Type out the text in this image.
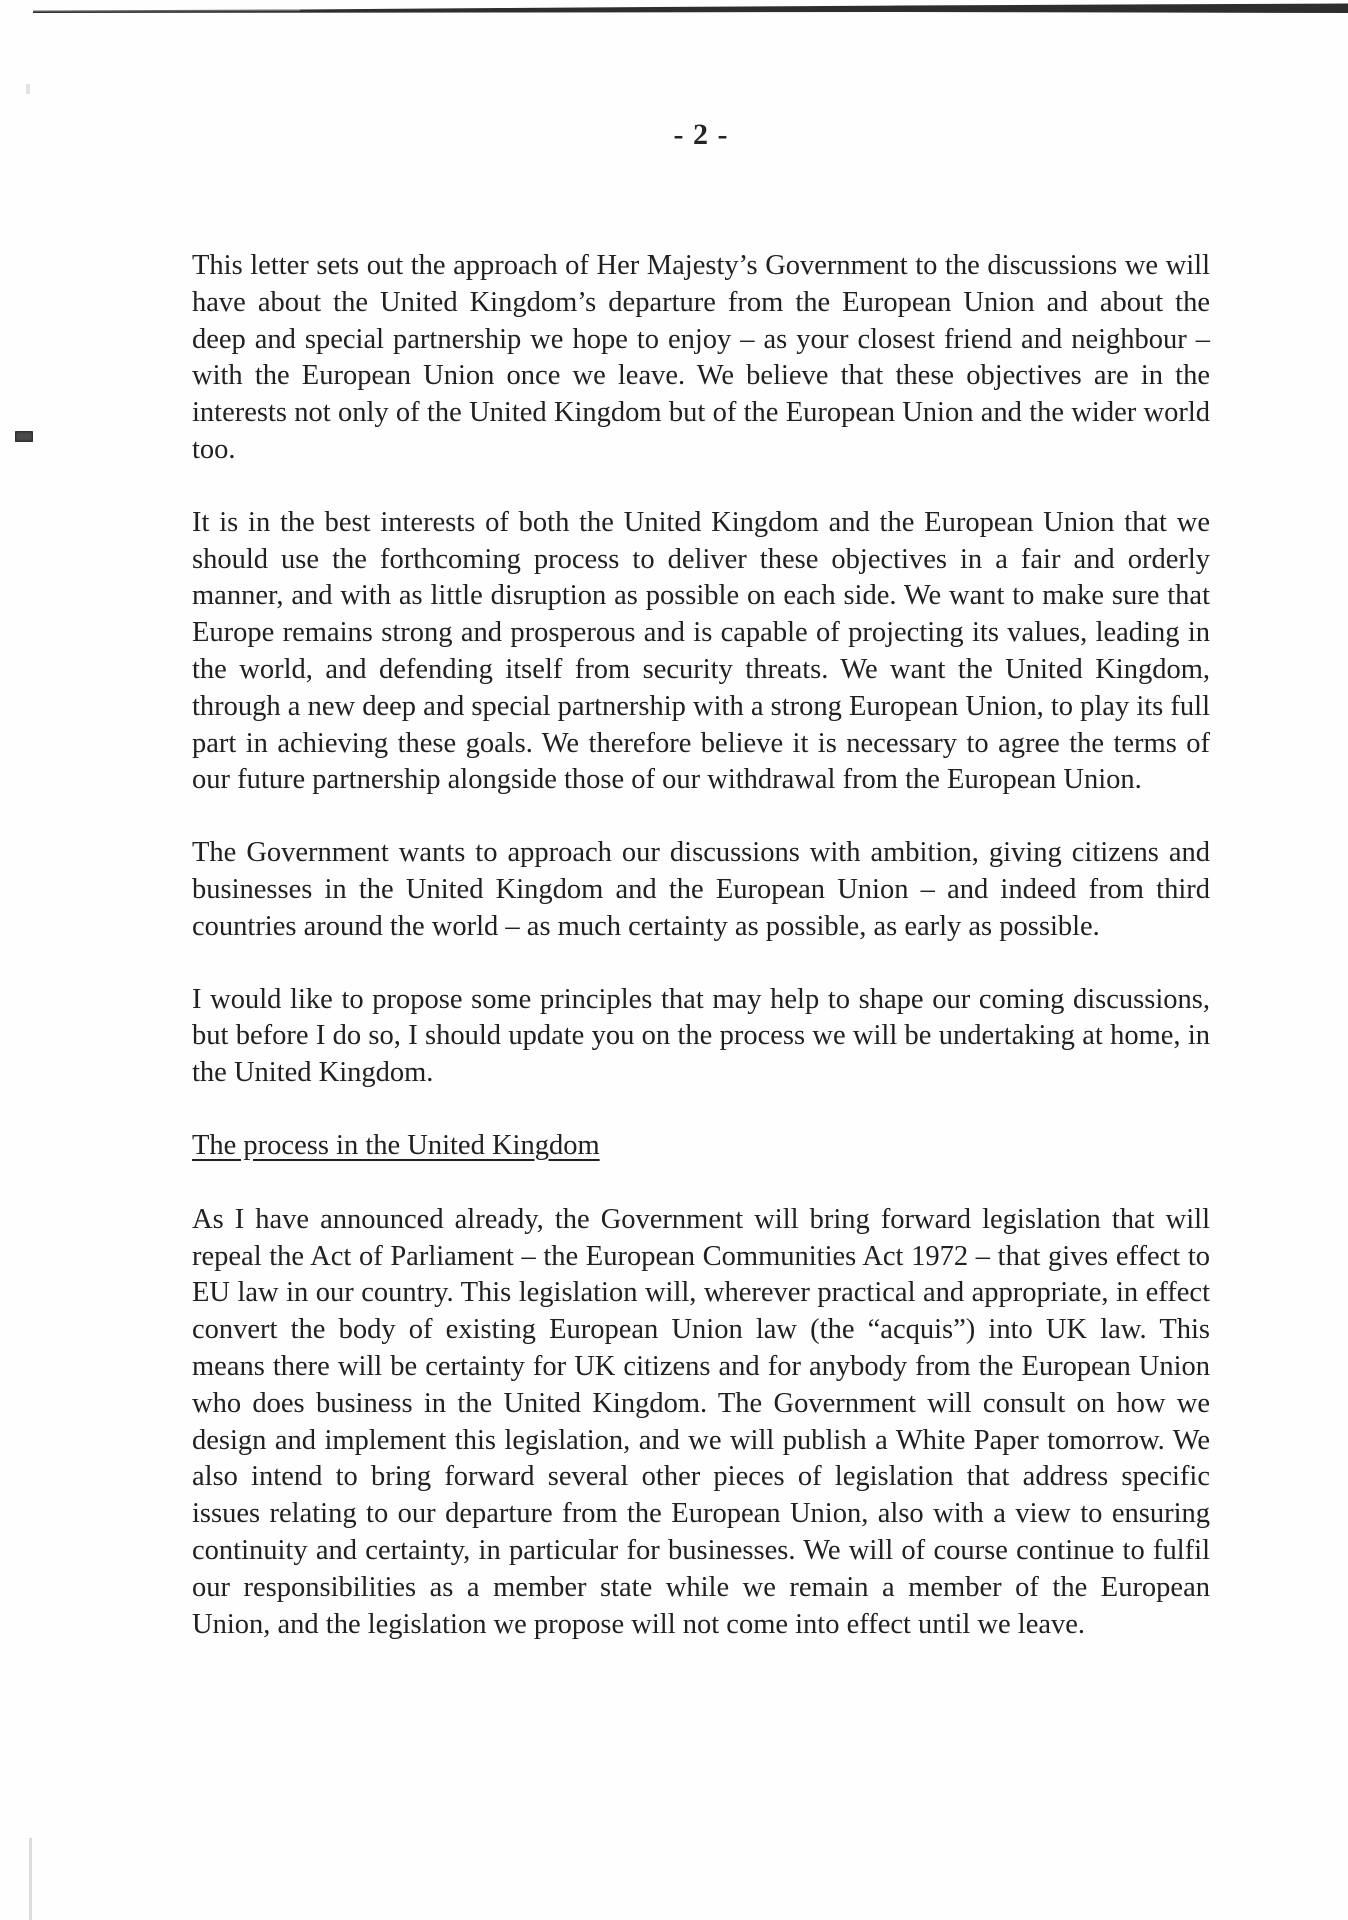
- 2 -

This letter sets out the approach of Her Majesty’s Government to the discussions we will have about the United Kingdom’s departure from the European Union and about the deep and special partnership we hope to enjoy – as your closest friend and neighbour – with the European Union once we leave. We believe that these objectives are in the interests not only of the United Kingdom but of the European Union and the wider world too.

It is in the best interests of both the United Kingdom and the European Union that we should use the forthcoming process to deliver these objectives in a fair and orderly manner, and with as little disruption as possible on each side. We want to make sure that Europe remains strong and prosperous and is capable of projecting its values, leading in the world, and defending itself from security threats. We want the United Kingdom, through a new deep and special partnership with a strong European Union, to play its full part in achieving these goals. We therefore believe it is necessary to agree the terms of our future partnership alongside those of our withdrawal from the European Union.

The Government wants to approach our discussions with ambition, giving citizens and businesses in the United Kingdom and the European Union – and indeed from third countries around the world – as much certainty as possible, as early as possible.

I would like to propose some principles that may help to shape our coming discussions, but before I do so, I should update you on the process we will be undertaking at home, in the United Kingdom.

The process in the United Kingdom

As I have announced already, the Government will bring forward legislation that will repeal the Act of Parliament – the European Communities Act 1972 – that gives effect to EU law in our country. This legislation will, wherever practical and appropriate, in effect convert the body of existing European Union law (the “acquis”) into UK law. This means there will be certainty for UK citizens and for anybody from the European Union who does business in the United Kingdom. The Government will consult on how we design and implement this legislation, and we will publish a White Paper tomorrow. We also intend to bring forward several other pieces of legislation that address specific issues relating to our departure from the European Union, also with a view to ensuring continuity and certainty, in particular for businesses. We will of course continue to fulfil our responsibilities as a member state while we remain a member of the European Union, and the legislation we propose will not come into effect until we leave.
